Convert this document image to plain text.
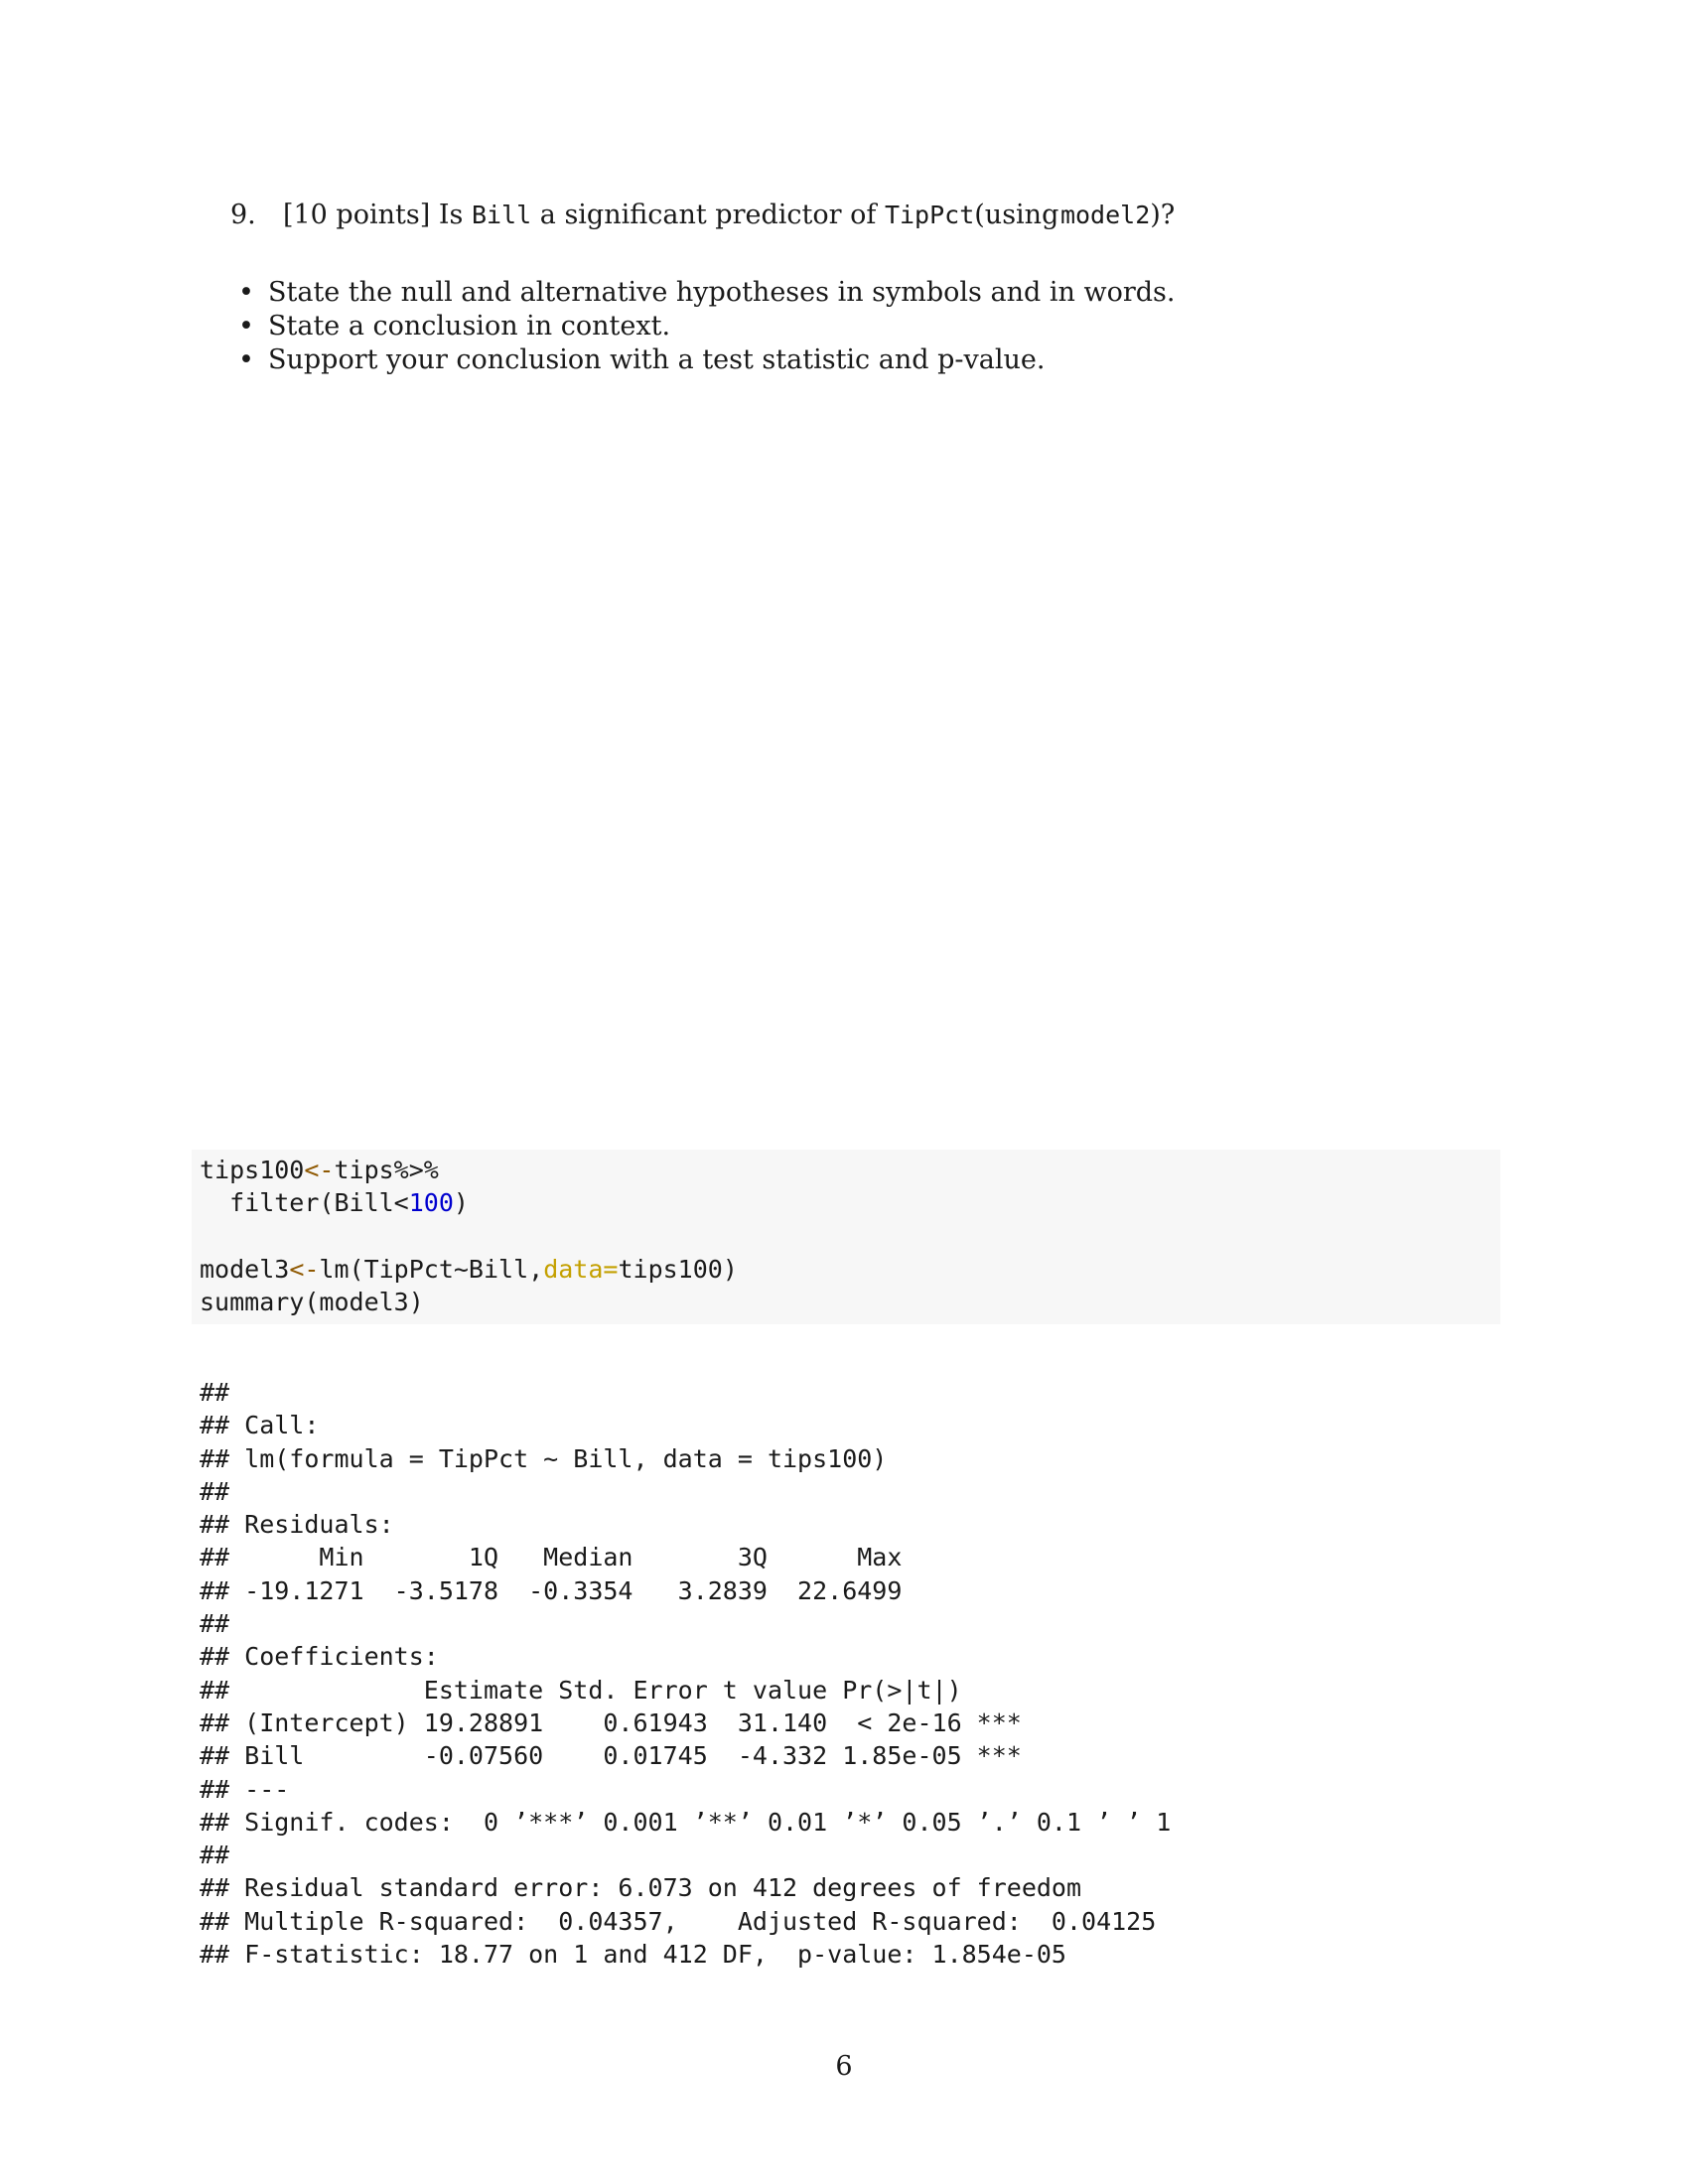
9. [10 points] Is Bill a significant predictor of TipPct(using model2)?
• State the null and alternative hypotheses in symbols and in words.
• State a conclusion in context.
• Support your conclusion with a test statistic and p-value.
tips100<-tips%>%
filter(Bill<100)

model3<-lm(TipPct~Bill,data=tips100)
summary(model3)
##
## Call:
## lm(formula = TipPct ~ Bill, data = tips100)
##
## Residuals:
##      Min       1Q   Median       3Q      Max
## -19.1271  -3.5178  -0.3354   3.2839  22.6499
##
## Coefficients:
##             Estimate Std. Error t value Pr(>|t|)
## (Intercept) 19.28891    0.61943  31.140  < 2e-16 ***
## Bill        -0.07560    0.01745  -4.332 1.85e-05 ***
## ---
## Signif. codes:  0 ’***’ 0.001 ’**’ 0.01 ’*’ 0.05 ’.’ 0.1 ’ ’ 1
##
## Residual standard error: 6.073 on 412 degrees of freedom
## Multiple R-squared:  0.04357,    Adjusted R-squared:  0.04125
## F-statistic: 18.77 on 1 and 412 DF,  p-value: 1.854e-05
6
